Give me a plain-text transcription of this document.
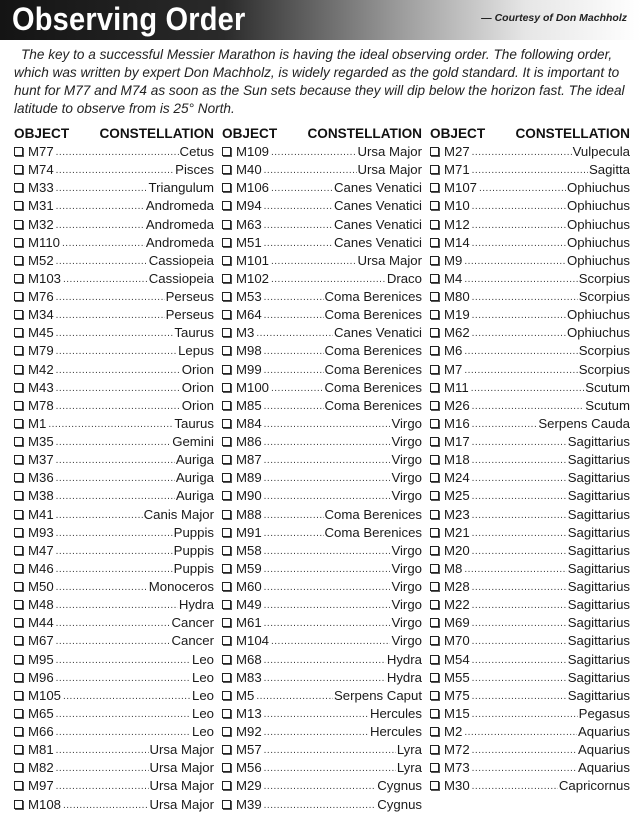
Observing Order	— Courtesy of Don Machholz

The key to a successful Messier Marathon is having the ideal observing order. The following order, which was written by expert Don Machholz, is widely regarded as the gold standard. It is important to hunt for M77 and M74 as soon as the Sun sets because they will dip below the horizon fast. The ideal latitude to observe from is 25° North.

OBJECT CONSTELLATION
M77 .....	Cetus
M74 .....	Pisces
M33 .....	Triangulum
M31 .....	Andromeda
M32 .....	Andromeda
M110 .....	Andromeda
M52 .....	Cassiopeia
M103 .....	Cassiopeia
M76 .....	Perseus
M34 .....	Perseus
M45 .....	Taurus
M79 .....	Lepus
M42 .....	Orion
M43 .....	Orion
M78 .....	Orion
M1 .....	Taurus
M35 .....	Gemini
M37 .....	Auriga
M36 .....	Auriga
M38 .....	Auriga
M41 .....	Canis Major
M93 .....	Puppis
M47 .....	Puppis
M46 .....	Puppis
M50 .....	Monoceros
M48 .....	Hydra
M44 .....	Cancer
M67 .....	Cancer
M95 .....	Leo
M96 .....	Leo
M105 .....	Leo
M65 .....	Leo
M66 .....	Leo
M81 .....	Ursa Major
M82 .....	Ursa Major
M97 .....	Ursa Major
M108 .....	Ursa Major
OBJECT CONSTELLATION
M109 .....	Ursa Major
M40 .....	Ursa Major
M106 .....	Canes Venatici
M94 .....	Canes Venatici
M63 .....	Canes Venatici
M51 .....	Canes Venatici
M101 .....	Ursa Major
M102 .....	Draco
M53 .....	Coma Berenices
M64 .....	Coma Berenices
M3 .....	Canes Venatici
M98 .....	Coma Berenices
M99 .....	Coma Berenices
M100 .....	Coma Berenices
M85 .....	Coma Berenices
M84 .....	Virgo
M86 .....	Virgo
M87 .....	Virgo
M89 .....	Virgo
M90 .....	Virgo
M88 .....	Coma Berenices
M91 .....	Coma Berenices
M58 .....	Virgo
M59 .....	Virgo
M60 .....	Virgo
M49 .....	Virgo
M61 .....	Virgo
M104 .....	Virgo
M68 .....	Hydra
M83 .....	Hydra
M5 .....	Serpens Caput
M13 .....	Hercules
M92 .....	Hercules
M57 .....	Lyra
M56 .....	Lyra
M29 .....	Cygnus
M39 .....	Cygnus
OBJECT CONSTELLATION
M27 .....	Vulpecula
M71 .....	Sagitta
M107 .....	Ophiuchus
M10 .....	Ophiuchus
M12 .....	Ophiuchus
M14 .....	Ophiuchus
M9 .....	Ophiuchus
M4 .....	Scorpius
M80 .....	Scorpius
M19 .....	Ophiuchus
M62 .....	Ophiuchus
M6 .....	Scorpius
M7 .....	Scorpius
M11 .....	Scutum
M26 .....	Scutum
M16 .....	Serpens Cauda
M17 .....	Sagittarius
M18 .....	Sagittarius
M24 .....	Sagittarius
M25 .....	Sagittarius
M23 .....	Sagittarius
M21 .....	Sagittarius
M20 .....	Sagittarius
M8 .....	Sagittarius
M28 .....	Sagittarius
M22 .....	Sagittarius
M69 .....	Sagittarius
M70 .....	Sagittarius
M54 .....	Sagittarius
M55 .....	Sagittarius
M75 .....	Sagittarius
M15 .....	Pegasus
M2 .....	Aquarius
M72 .....	Aquarius
M73 .....	Aquarius
M30 .....	Capricornus
